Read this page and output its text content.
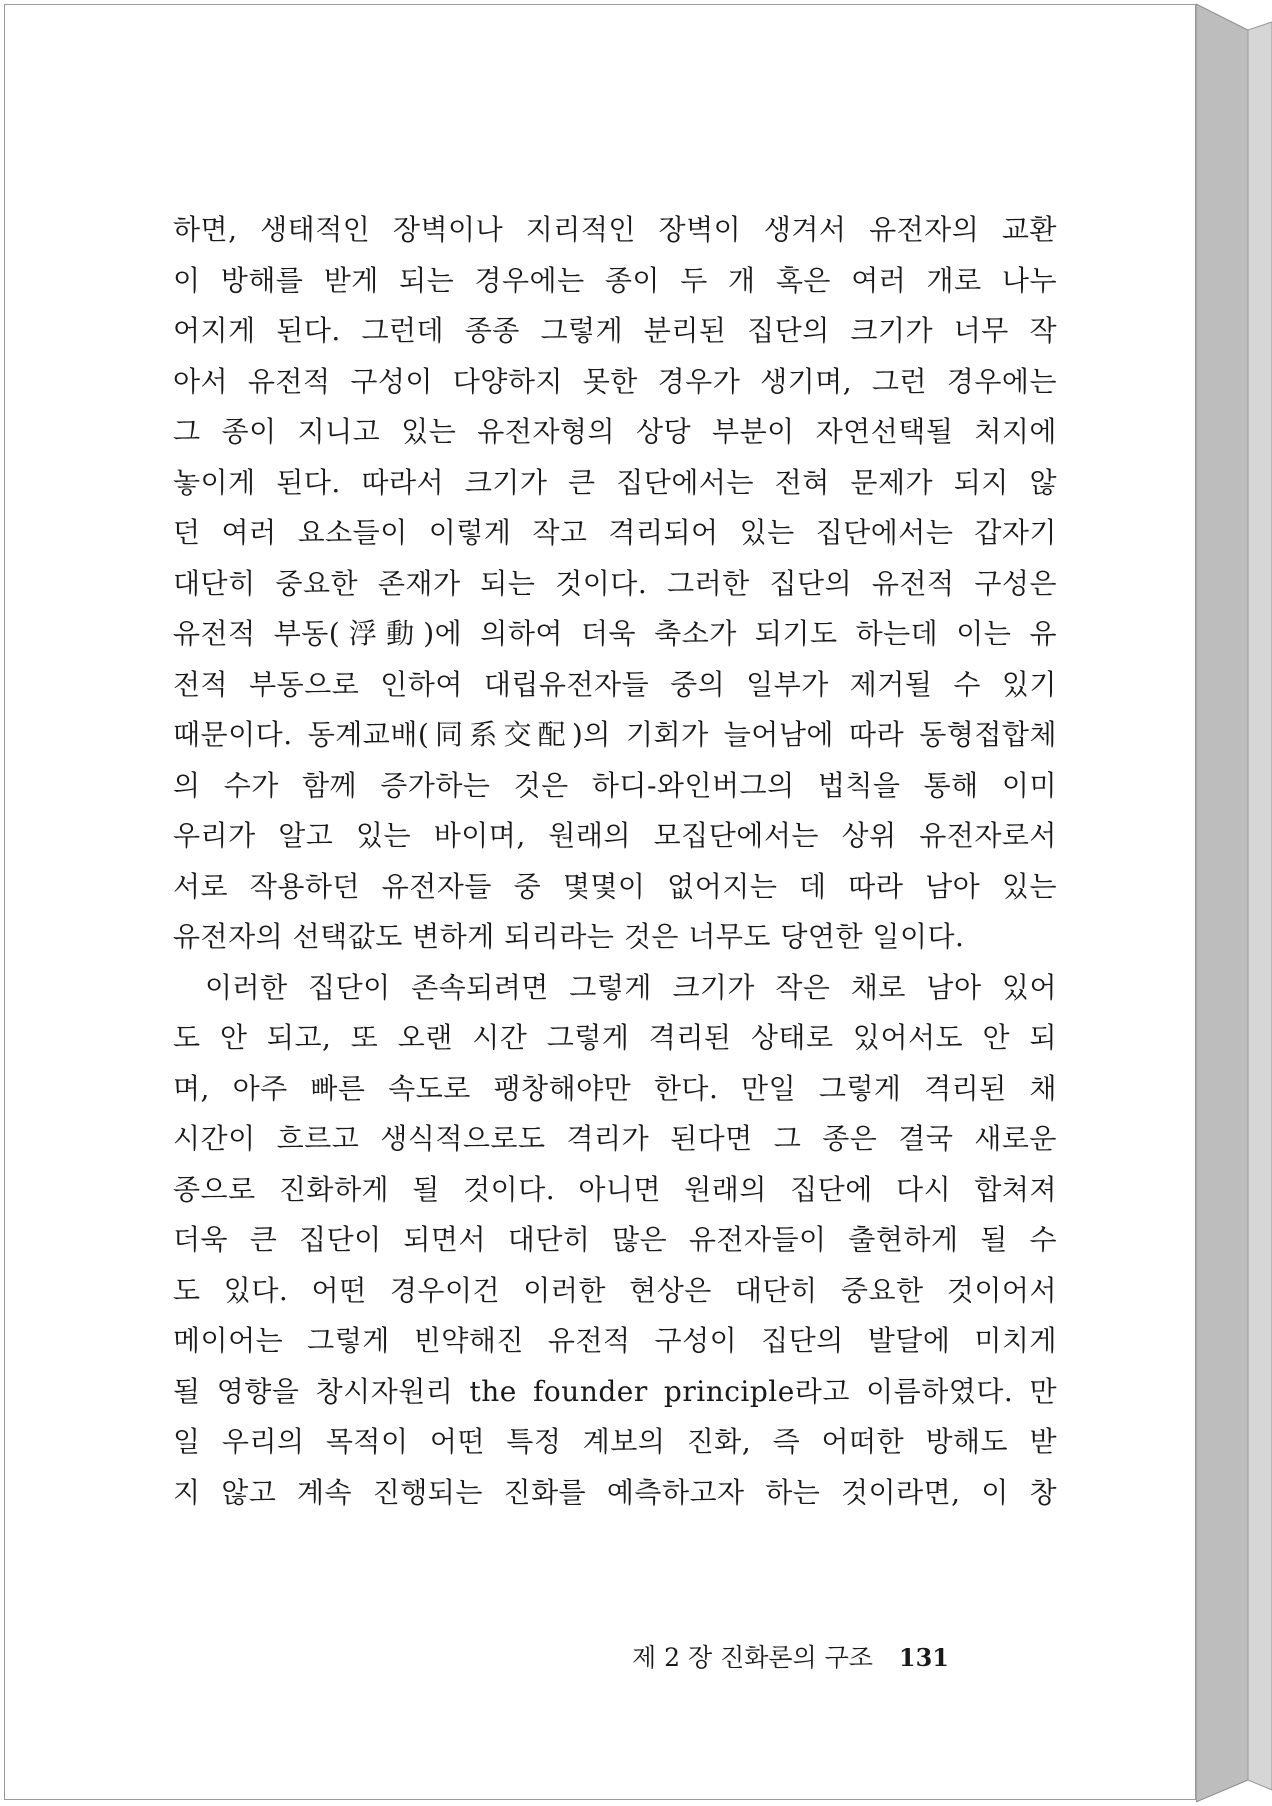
하면, 생태적인 장벽이나 지리적인 장벽이 생겨서 유전자의 교환
이 방해를 받게 되는 경우에는 종이 두 개 혹은 여러 개로 나누
어지게 된다. 그런데 종종 그렇게 분리된 집단의 크기가 너무 작
아서 유전적 구성이 다양하지 못한 경우가 생기며, 그런 경우에는
그 종이 지니고 있는 유전자형의 상당 부분이 자연선택될 처지에
놓이게 된다. 따라서 크기가 큰 집단에서는 전혀 문제가 되지 않
던 여러 요소들이 이렇게 작고 격리되어 있는 집단에서는 갑자기
대단히 중요한 존재가 되는 것이다. 그러한 집단의 유전적 구성은
유전적 부동(浮動)에 의하여 더욱 축소가 되기도 하는데 이는 유
전적 부동으로 인하여 대립유전자들 중의 일부가 제거될 수 있기
때문이다. 동계교배(同系交配)의 기회가 늘어남에 따라 동형접합체
의 수가 함께 증가하는 것은 하디-와인버그의 법칙을 통해 이미
우리가 알고 있는 바이며, 원래의 모집단에서는 상위 유전자로서
서로 작용하던 유전자들 중 몇몇이 없어지는 데 따라 남아 있는
유전자의 선택값도 변하게 되리라는 것은 너무도 당연한 일이다.
이러한 집단이 존속되려면 그렇게 크기가 작은 채로 남아 있어
도 안 되고, 또 오랜 시간 그렇게 격리된 상태로 있어서도 안 되
며, 아주 빠른 속도로 팽창해야만 한다. 만일 그렇게 격리된 채
시간이 흐르고 생식적으로도 격리가 된다면 그 종은 결국 새로운
종으로 진화하게 될 것이다. 아니면 원래의 집단에 다시 합쳐져
더욱 큰 집단이 되면서 대단히 많은 유전자들이 출현하게 될 수
도 있다. 어떤 경우이건 이러한 현상은 대단히 중요한 것이어서
메이어는 그렇게 빈약해진 유전적 구성이 집단의 발달에 미치게
될 영향을 창시자원리 the founder principle라고 이름하였다. 만
일 우리의 목적이 어떤 특정 계보의 진화, 즉 어떠한 방해도 받
지 않고 계속 진행되는 진화를 예측하고자 하는 것이라면, 이 창
제 2 장 진화론의 구조 131
